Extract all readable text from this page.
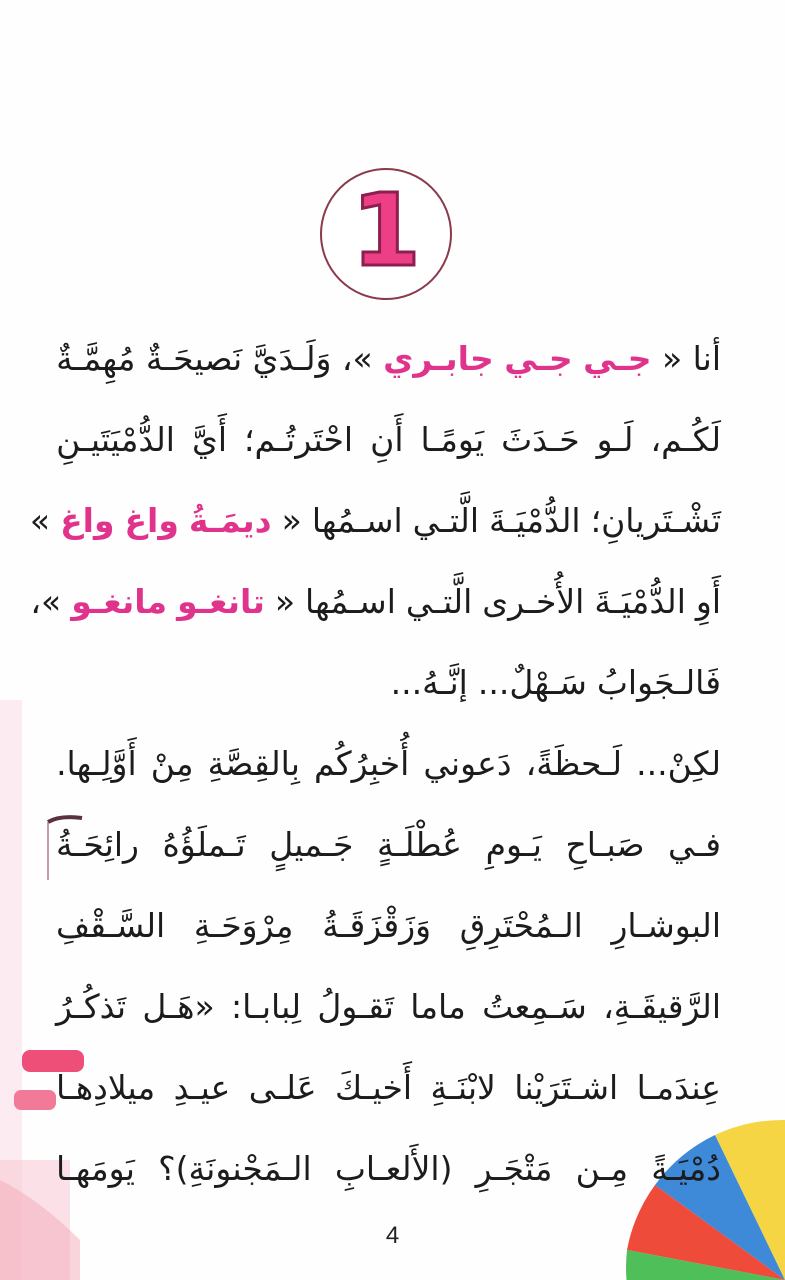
1
أنا
«
جـي
جـي
جابـري
»،
وَلَـدَيَّ
نَصيحَـةٌ
مُهِمَّـةٌ
لَكُـم،
لَـو
حَـدَثَ
يَومًـا
أَنِ
احْتَرتُـم؛
أَيَّ
الدُّمْيَتَيـنِ
تَشْـتَريانِ؛
الدُّمْيَـةَ
الَّتـي
اسـمُها
«
ديمَـةُ
واغ
واغ
»
أَوِ
الدُّمْيَـةَ
الأُخـرى
الَّتـي
اسـمُها
«
تانغـو
مانغـو
»،
فَالـجَوابُ
سَـهْلٌ...
إنَّـهُ...
لكِنْ...
لَـحظَةً،
دَعوني
أُخبِرُكُم
بِالقِصَّةِ
مِنْ
أَوَّلِـها.
فـي
صَبـاحِ
يَـومِ
عُطْلَـةٍ
جَـميلٍ
تَـملَؤُهُ
رائِحَـةُ
البوشـارِ
الـمُحْتَرِقِ
وَزَقْزَقَـةُ
مِرْوَحَـةِ
السَّـقْفِ
الرَّقيقَـةِ،
سَـمِعتُ
ماما
تَقـولُ
لِبابـا:
«هَـل
تَذكُـرُ
عِندَمـا
اشـتَرَيْنا
لابْنَـةِ
أَخيـكَ
عَلـى
عيـدِ
ميلادِهـا
دُمْيَـةً
مِـن
مَتْجَـرِ
(الأَلعـابِ
الـمَجْنونَةِ)؟
يَومَهـا
4
